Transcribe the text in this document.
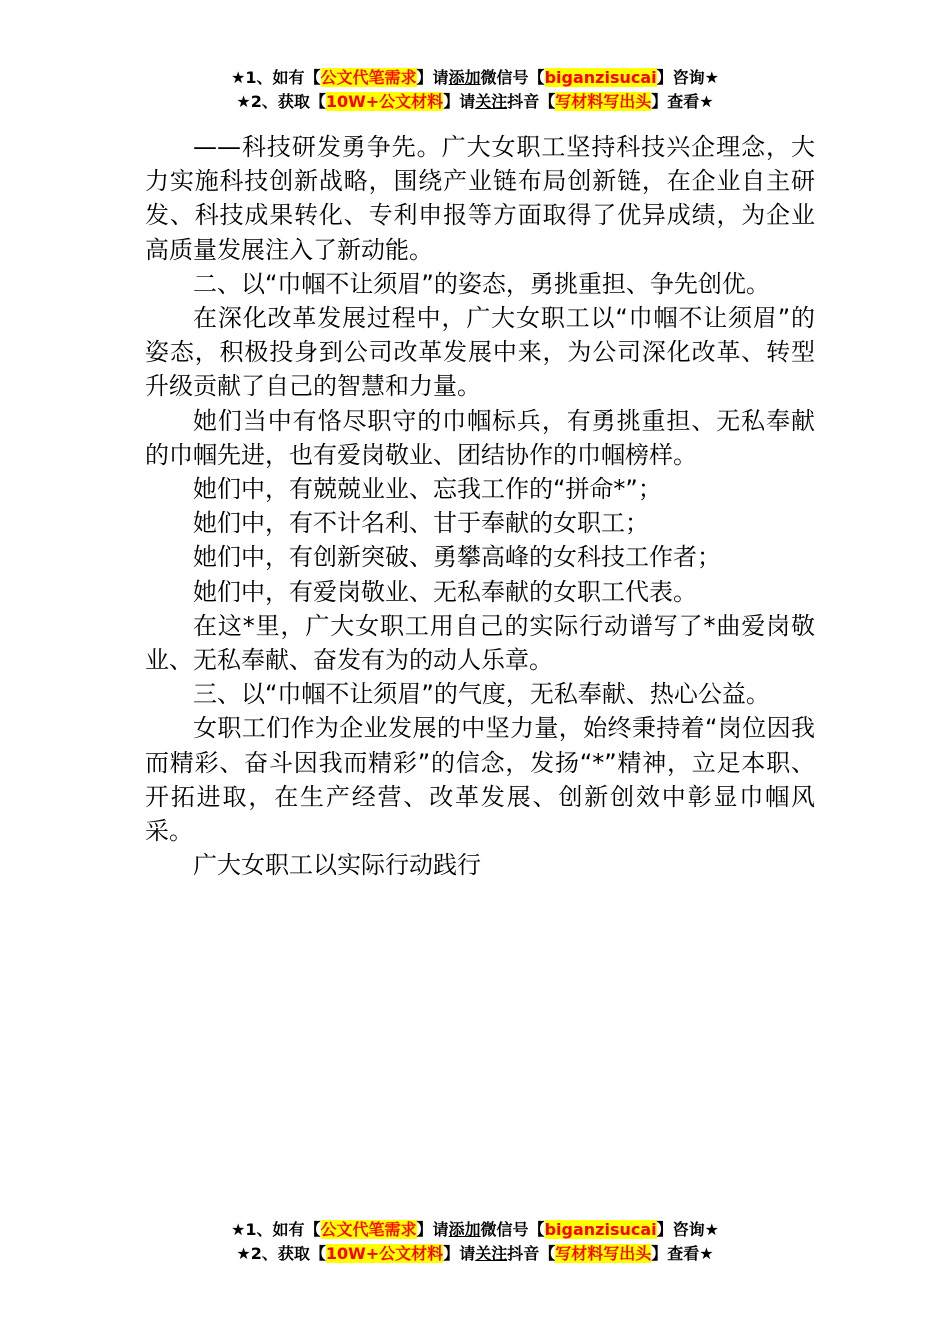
★1、如有【公文代笔需求】请添加微信号【biganzisucai】咨询★
★2、获取【10W+公文材料】请关注抖音【写材料写出头】查看★

——科技研发勇争先。广大女职工坚持科技兴企理念，大力实施科技创新战略，围绕产业链布局创新链，在企业自主研发、科技成果转化、专利申报等方面取得了优异成绩，为企业高质量发展注入了新动能。

二、以“巾帼不让须眉”的姿态，勇挑重担、争先创优。

在深化改革发展过程中，广大女职工以“巾帼不让须眉”的姿态，积极投身到公司改革发展中来，为公司深化改革、转型升级贡献了自己的智慧和力量。

她们当中有恪尽职守的巾帼标兵，有勇挑重担、无私奉献的巾帼先进，也有爱岗敬业、团结协作的巾帼榜样。

她们中，有兢兢业业、忘我工作的“拼命*”；

她们中，有不计名利、甘于奉献的女职工；

她们中，有创新突破、勇攀高峰的女科技工作者；

她们中，有爱岗敬业、无私奉献的女职工代表。

在这*里，广大女职工用自己的实际行动谱写了*曲爱岗敬业、无私奉献、奋发有为的动人乐章。

三、以“巾帼不让须眉”的气度，无私奉献、热心公益。

女职工们作为企业发展的中坚力量，始终秉持着“岗位因我而精彩、奋斗因我而精彩”的信念，发扬“*”精神，立足本职、开拓进取，在生产经营、改革发展、创新创效中彰显巾帼风采。

广大女职工以实际行动践行

★1、如有【公文代笔需求】请添加微信号【biganzisucai】咨询★
★2、获取【10W+公文材料】请关注抖音【写材料写出头】查看★
